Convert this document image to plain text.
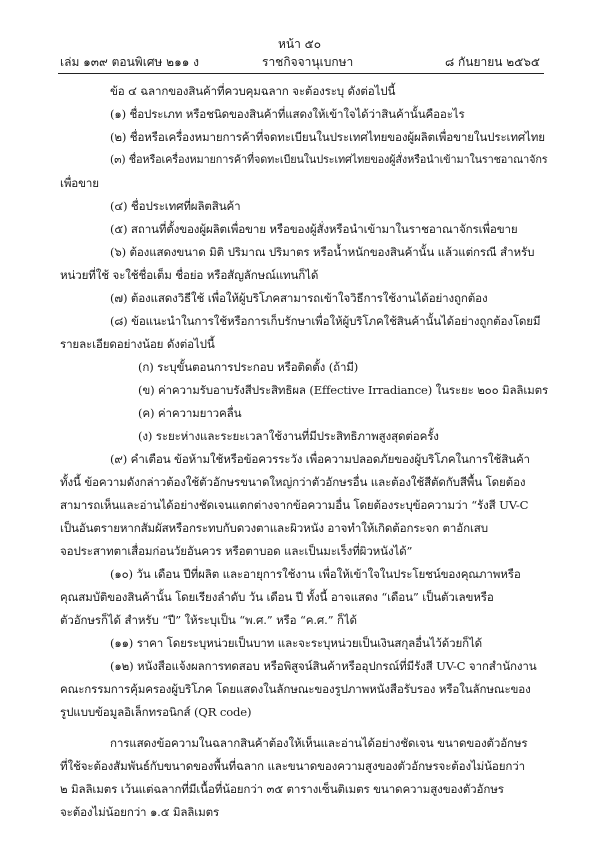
หน้า ๕๐
เล่ม ๑๓๙ ตอนพิเศษ ๒๑๑ ง	ราชกิจจานุเบกษา	๘ กันยายน ๒๕๖๕
ข้อ ๔ ฉลากของสินค้าที่ควบคุมฉลาก จะต้องระบุ ดังต่อไปนี้
(๑) ชื่อประเภท หรือชนิดของสินค้าที่แสดงให้เข้าใจได้ว่าสินค้านั้นคืออะไร
(๒) ชื่อหรือเครื่องหมายการค้าที่จดทะเบียนในประเทศไทยของผู้ผลิตเพื่อขายในประเทศไทย
(๓) ชื่อหรือเครื่องหมายการค้าที่จดทะเบียนในประเทศไทยของผู้สั่งหรือนำเข้ามาในราชอาณาจักร
เพื่อขาย
(๔) ชื่อประเทศที่ผลิตสินค้า
(๕) สถานที่ตั้งของผู้ผลิตเพื่อขาย หรือของผู้สั่งหรือนำเข้ามาในราชอาณาจักรเพื่อขาย
(๖) ต้องแสดงขนาด มิติ ปริมาณ ปริมาตร หรือน้ำหนักของสินค้านั้น แล้วแต่กรณี สำหรับ
หน่วยที่ใช้ จะใช้ชื่อเต็ม ชื่อย่อ หรือสัญลักษณ์แทนก็ได้
(๗) ต้องแสดงวิธีใช้ เพื่อให้ผู้บริโภคสามารถเข้าใจวิธีการใช้งานได้อย่างถูกต้อง
(๘) ข้อแนะนำในการใช้หรือการเก็บรักษาเพื่อให้ผู้บริโภคใช้สินค้านั้นได้อย่างถูกต้องโดยมี
รายละเอียดอย่างน้อย ดังต่อไปนี้
(ก) ระบุขั้นตอนการประกอบ หรือติดตั้ง (ถ้ามี)
(ข) ค่าความรับอาบรังสีประสิทธิผล (Effective Irradiance) ในระยะ ๒๐๐ มิลลิเมตร
(ค) ค่าความยาวคลื่น
(ง) ระยะห่างและระยะเวลาใช้งานที่มีประสิทธิภาพสูงสุดต่อครั้ง
(๙) คำเตือน ข้อห้ามใช้หรือข้อควรระวัง เพื่อความปลอดภัยของผู้บริโภคในการใช้สินค้า
ทั้งนี้ ข้อความดังกล่าวต้องใช้ตัวอักษรขนาดใหญ่กว่าตัวอักษรอื่น และต้องใช้สีตัดกับสีพื้น โดยต้อง
สามารถเห็นและอ่านได้อย่างชัดเจนแตกต่างจากข้อความอื่น โดยต้องระบุข้อความว่า “รังสี UV-C
เป็นอันตรายหากสัมผัสหรือกระทบกับดวงตาและผิวหนัง อาจทำให้เกิดต้อกระจก ตาอักเสบ
จอประสาทตาเสื่อมก่อนวัยอันควร หรือตาบอด และเป็นมะเร็งที่ผิวหนังได้”
(๑๐) วัน เดือน ปีที่ผลิต และอายุการใช้งาน เพื่อให้เข้าใจในประโยชน์ของคุณภาพหรือ
คุณสมบัติของสินค้านั้น โดยเรียงลำดับ วัน เดือน ปี ทั้งนี้ อาจแสดง “เดือน” เป็นตัวเลขหรือ
ตัวอักษรก็ได้ สำหรับ “ปี” ให้ระบุเป็น “พ.ศ.” หรือ “ค.ศ.” ก็ได้
(๑๑) ราคา โดยระบุหน่วยเป็นบาท และจะระบุหน่วยเป็นเงินสกุลอื่นไว้ด้วยก็ได้
(๑๒) หนังสือแจ้งผลการทดสอบ หรือพิสูจน์สินค้าหรืออุปกรณ์ที่มีรังสี UV-C จากสำนักงาน
คณะกรรมการคุ้มครองผู้บริโภค โดยแสดงในลักษณะของรูปภาพหนังสือรับรอง หรือในลักษณะของ
รูปแบบข้อมูลอิเล็กทรอนิกส์ (QR code)
การแสดงข้อความในฉลากสินค้าต้องให้เห็นและอ่านได้อย่างชัดเจน ขนาดของตัวอักษร
ที่ใช้จะต้องสัมพันธ์กับขนาดของพื้นที่ฉลาก และขนาดของความสูงของตัวอักษรจะต้องไม่น้อยกว่า
๒ มิลลิเมตร เว้นแต่ฉลากที่มีเนื้อที่น้อยกว่า ๓๕ ตารางเซ็นติเมตร ขนาดความสูงของตัวอักษร
จะต้องไม่น้อยกว่า ๑.๕ มิลลิเมตร
